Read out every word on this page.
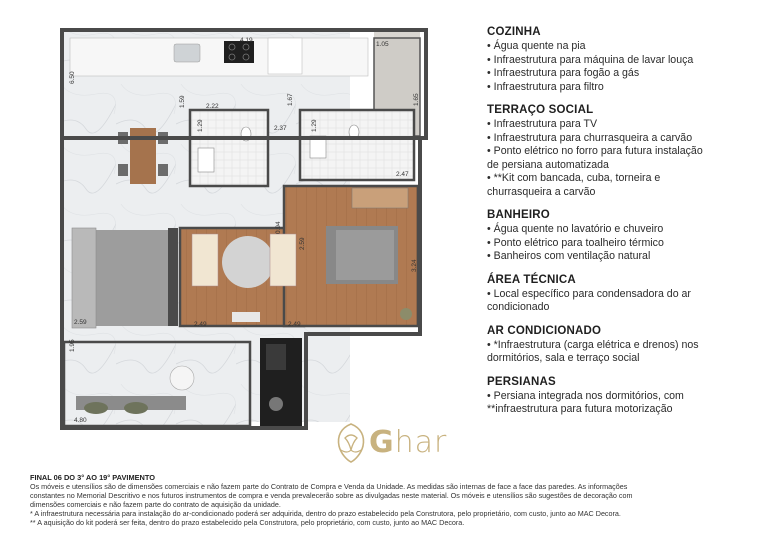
6.50
4.19
1.05
2.22
1.59	1.67	1.65
1.29	2.37	1.29
2.47
0.94
2.59
2.59
3.24
2.49	2.49
1.95
4.80
COZINHA
• Água quente na pia
• Infraestrutura para máquina de lavar louça
• Infraestrutura para fogão a gás
• Infraestrutura para filtro
TERRAÇO SOCIAL
• Infraestrutura para TV
• Infraestrutura para churrasqueira a carvão
• Ponto elétrico no forro para futura instalação
de persiana automatizada
• **Kit com bancada, cuba, torneira e
churrasqueira a carvão
BANHEIRO
• Água quente no lavatório e chuveiro
• Ponto elétrico para toalheiro térmico
• Banheiros com ventilação natural
ÁREA TÉCNICA
• Local específico para condensadora do ar
condicionado
AR CONDICIONADO
• *Infraestrutura (carga elétrica e drenos) nos
dormitórios, sala e terraço social
PERSIANAS
• Persiana integrada nos dormitórios, com
**infraestrutura para futura motorização
Ghar
FINAL 06 DO 3° AO 19° PAVIMENTO
Os móveis e utensílios são de dimensões comerciais e não fazem parte do Contrato de Compra e Venda da Unidade. As medidas são internas de face a face das paredes. As informações
constantes no Memorial Descritivo e nos futuros instrumentos de compra e venda prevalecerão sobre as divulgadas neste material. Os móveis e utensílios são sugestões de decoração com
dimensões comerciais e não fazem parte do contrato de aquisição da unidade.
* A infraestrutura necessária para instalação do ar-condicionado poderá ser adquirida, dentro do prazo estabelecido pela Construtora, pelo proprietário, com custo, junto ao MAC Decora.
** A aquisição do kit poderá ser feita, dentro do prazo estabelecido pela Construtora, pelo proprietário, com custo, junto ao MAC Decora.
